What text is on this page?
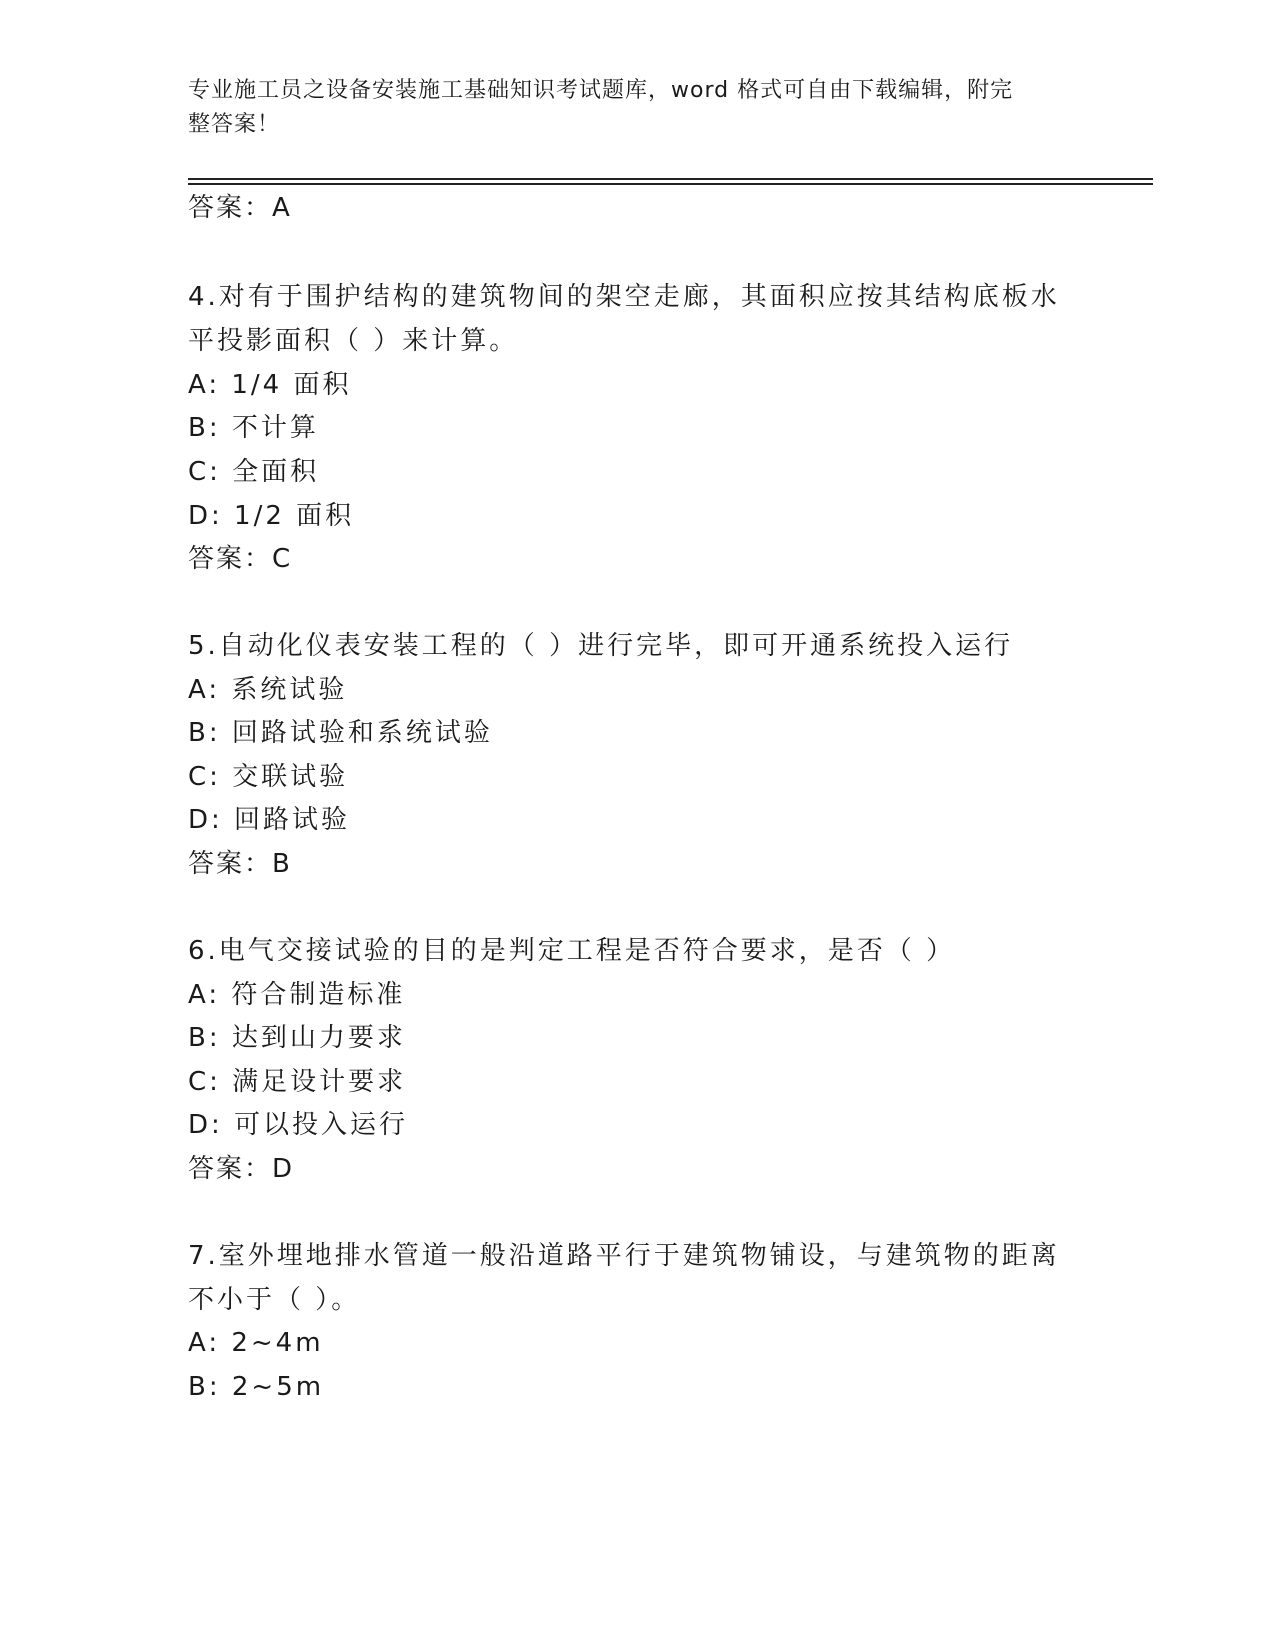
专业施工员之设备安装施工基础知识考试题库，word 格式可自由下载编辑，附完
整答案！
答案：A
4.对有于围护结构的建筑物间的架空走廊，其面积应按其结构底板水
平投影面积（ ）来计算。
A: 1/4 面积
B: 不计算
C: 全面积
D: 1/2 面积
答案：C
5.自动化仪表安装工程的（ ）进行完毕，即可开通系统投入运行
A: 系统试验
B: 回路试验和系统试验
C: 交联试验
D: 回路试验
答案：B
6.电气交接试验的目的是判定工程是否符合要求，是否（ ）
A: 符合制造标准
B: 达到山力要求
C: 满足设计要求
D: 可以投入运行
答案：D
7.室外埋地排水管道一般沿道路平行于建筑物铺设，与建筑物的距离
不小于（ ）。
A: 2~4m
B: 2~5m
